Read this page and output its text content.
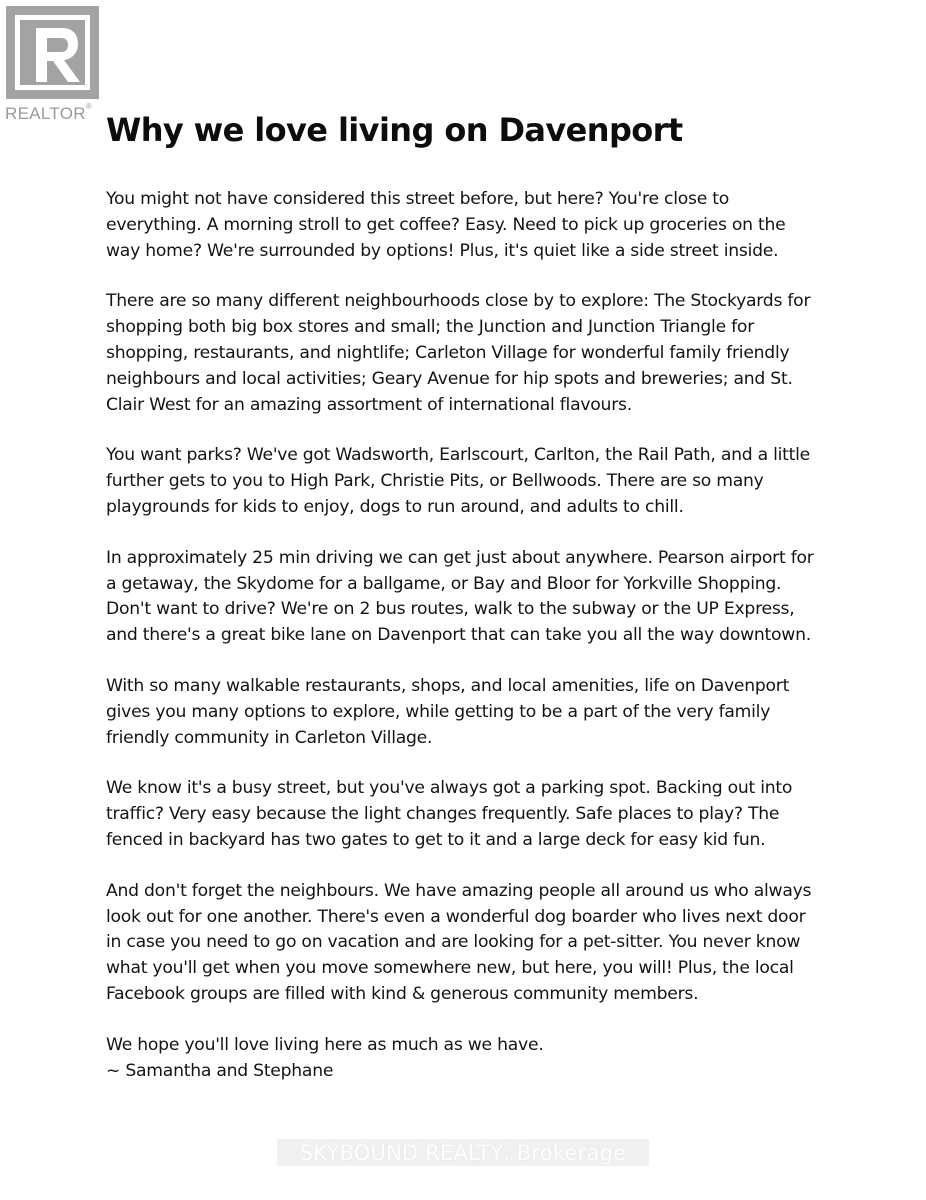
REALTOR®
Why we love living on Davenport

You might not have considered this street before, but here? You're close to
everything. A morning stroll to get coffee? Easy. Need to pick up groceries on the
way home? We're surrounded by options! Plus, it's quiet like a side street inside.

There are so many different neighbourhoods close by to explore: The Stockyards for
shopping both big box stores and small; the Junction and Junction Triangle for
shopping, restaurants, and nightlife; Carleton Village for wonderful family friendly
neighbours and local activities; Geary Avenue for hip spots and breweries; and St.
Clair West for an amazing assortment of international flavours.

You want parks? We've got Wadsworth, Earlscourt, Carlton, the Rail Path, and a little
further gets to you to High Park, Christie Pits, or Bellwoods. There are so many
playgrounds for kids to enjoy, dogs to run around, and adults to chill.

In approximately 25 min driving we can get just about anywhere. Pearson airport for
a getaway, the Skydome for a ballgame, or Bay and Bloor for Yorkville Shopping.
Don't want to drive? We're on 2 bus routes, walk to the subway or the UP Express,
and there's a great bike lane on Davenport that can take you all the way downtown.

With so many walkable restaurants, shops, and local amenities, life on Davenport
gives you many options to explore, while getting to be a part of the very family
friendly community in Carleton Village.

We know it's a busy street, but you've always got a parking spot. Backing out into
traffic? Very easy because the light changes frequently. Safe places to play? The
fenced in backyard has two gates to get to it and a large deck for easy kid fun.

And don't forget the neighbours. We have amazing people all around us who always
look out for one another. There's even a wonderful dog boarder who lives next door
in case you need to go on vacation and are looking for a pet-sitter. You never know
what you'll get when you move somewhere new, but here, you will! Plus, the local
Facebook groups are filled with kind & generous community members.

We hope you'll love living here as much as we have.
~ Samantha and Stephane

SKYBOUND REALTY, Brokerage
